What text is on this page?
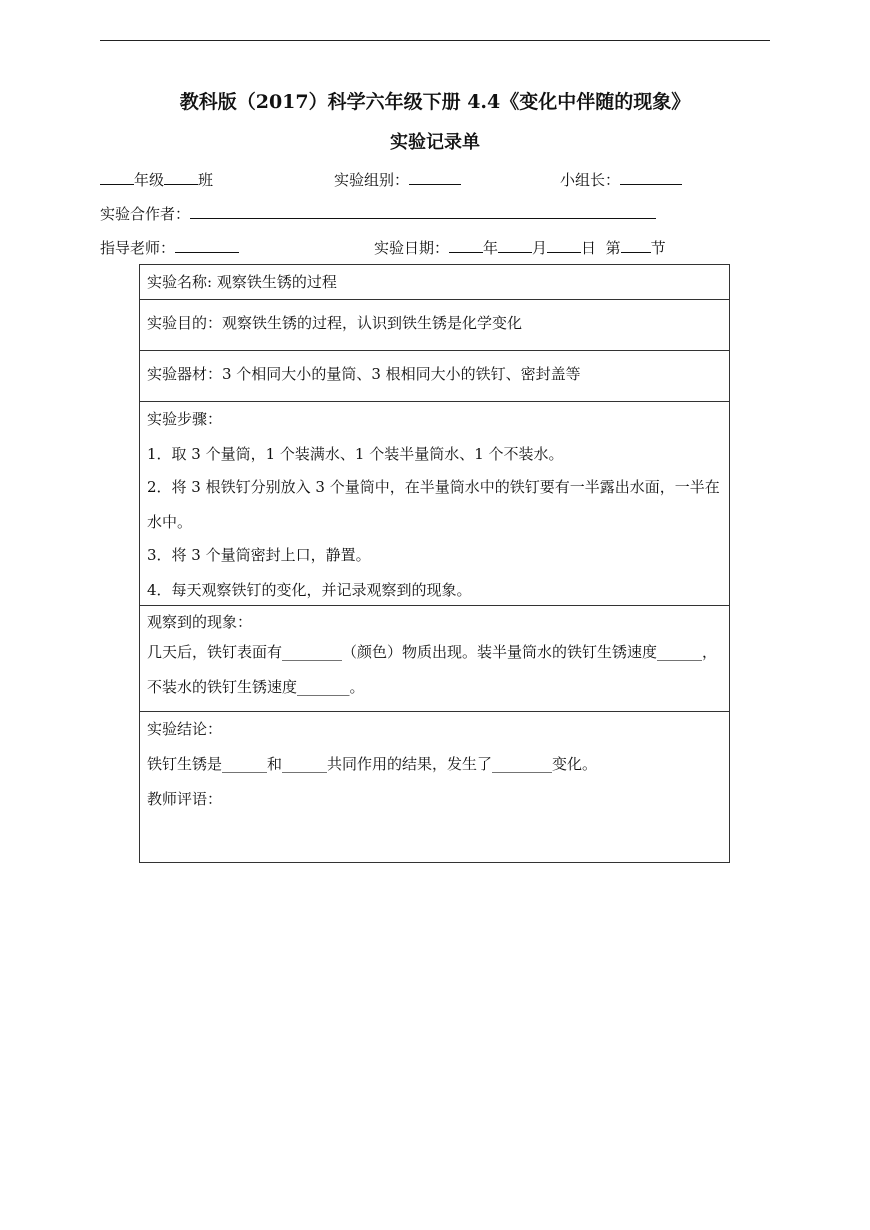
教科版（2017）科学六年级下册 4.4《变化中伴随的现象》
实验记录单
年级 班	实验组别：	小组长：
实验合作者：
指导老师：	实验日期： 年 月 日 第 节
实验名称: 观察铁生锈的过程
实验目的：观察铁生锈的过程，认识到铁生锈是化学变化
实验器材：3 个相同大小的量筒、3 根相同大小的铁钉、密封盖等

实验步骤：
1．取 3 个量筒，1 个装满水、1 个装半量筒水、1 个不装水。
2．将 3 根铁钉分别放入 3 个量筒中，在半量筒水中的铁钉要有一半露出水面，一半在水中。
3．将 3 个量筒密封上口，静置。
4．每天观察铁钉的变化，并记录观察到的现象。

观察到的现象：
几天后，铁钉表面有________（颜色）物质出现。装半量筒水的铁钉生锈速度______，不装水的铁钉生锈速度_______。

实验结论：
铁钉生锈是______和______共同作用的结果，发生了________变化。
教师评语：
